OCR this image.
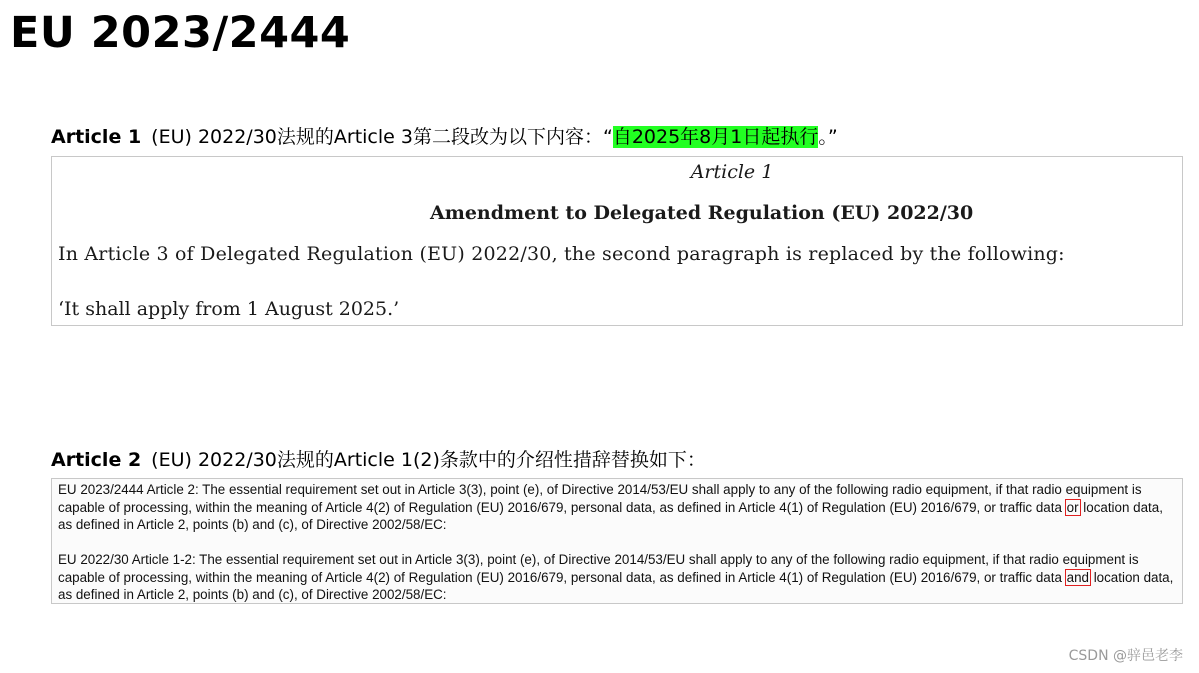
EU 2023/2444
Article 1 (EU) 2022/30法规的Article 3第二段改为以下内容：“自2025年8月1日起执行。”
Article 1
Amendment to Delegated Regulation (EU) 2022/30
In Article 3 of Delegated Regulation (EU) 2022/30, the second paragraph is replaced by the following:
‘It shall apply from 1 August 2025.’
Article 2 (EU) 2022/30法规的Article 1(2)条款中的介绍性措辞替换如下：

EU 2023/2444 Article 2: The essential requirement set out in Article 3(3), point (e), of Directive 2014/53/EU shall apply to any of the following radio equipment, if that radio equipment is capable of processing, within the meaning of Article 4(2) of Regulation (EU) 2016/679, personal data, as defined in Article 4(1) of Regulation (EU) 2016/679, or traffic data or location data, as defined in Article 2, points (b) and (c), of Directive 2002/58/EC:

EU 2022/30 Article 1-2: The essential requirement set out in Article 3(3), point (e), of Directive 2014/53/EU shall apply to any of the following radio equipment, if that radio equipment is capable of processing, within the meaning of Article 4(2) of Regulation (EU) 2016/679, personal data, as defined in Article 4(1) of Regulation (EU) 2016/679, or traffic data and location data, as defined in Article 2, points (b) and (c), of Directive 2002/58/EC:

CSDN @骍邑老李
